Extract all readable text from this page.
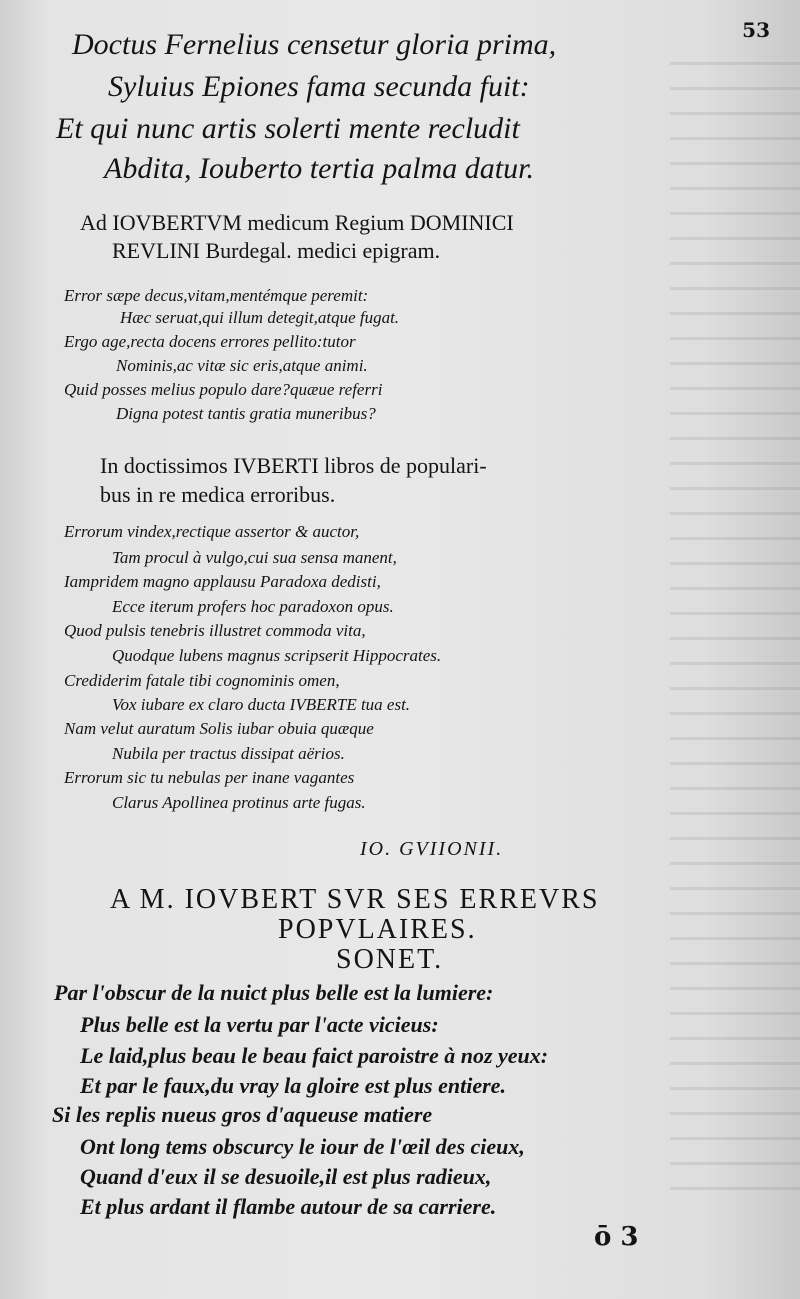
53
Doctus Fernelius censetur gloria prima,
Syluius Epiones fama secunda fuit:
Et qui nunc artis solerti mente recludit
Abdita, Iouberto tertia palma datur.
Ad IOVBERTVM medicum Regium DOMINICI
REVLINI Burdegal. medici epigram.
Error sæpe decus,vitam,mentémque peremit:
Hæc seruat,qui illum detegit,atque fugat.
Ergo age,recta docens errores pellito:tutor
Nominis,ac vitæ sic eris,atque animi.
Quid posses melius populo dare?quæue referri
Digna potest tantis gratia muneribus?
In doctissimos IVBERTI libros de populari-
bus in re medica erroribus.
Errorum vindex,rectique assertor & auctor,
Tam procul à vulgo,cui sua sensa manent,
Iampridem magno applausu Paradoxa dedisti,
Ecce iterum profers hoc paradoxon opus.
Quod pulsis tenebris illustret commoda vita,
Quodque lubens magnus scripserit Hippocrates.
Crediderim fatale tibi cognominis omen,
Vox iubare ex claro ducta IVBERTE tua est.
Nam velut auratum Solis iubar obuia quæque
Nubila per tractus dissipat aërios.
Errorum sic tu nebulas per inane vagantes
Clarus Apollinea protinus arte fugas.
IO. GVIIONII.
A M. IOVBERT SVR SES ERREVRS
POPVLAIRES.
SONET.
Par l'obscur de la nuict plus belle est la lumiere:
Plus belle est la vertu par l'acte vicieus:
Le laid,plus beau le beau faict paroistre à noz yeux:
Et par le faux,du vray la gloire est plus entiere.
Si les replis nueus gros d'aqueuse matiere
Ont long tems obscurcy le iour de l'œil des cieux,
Quand d'eux il se desuoile,il est plus radieux,
Et plus ardant il flambe autour de sa carriere.
ō 3
